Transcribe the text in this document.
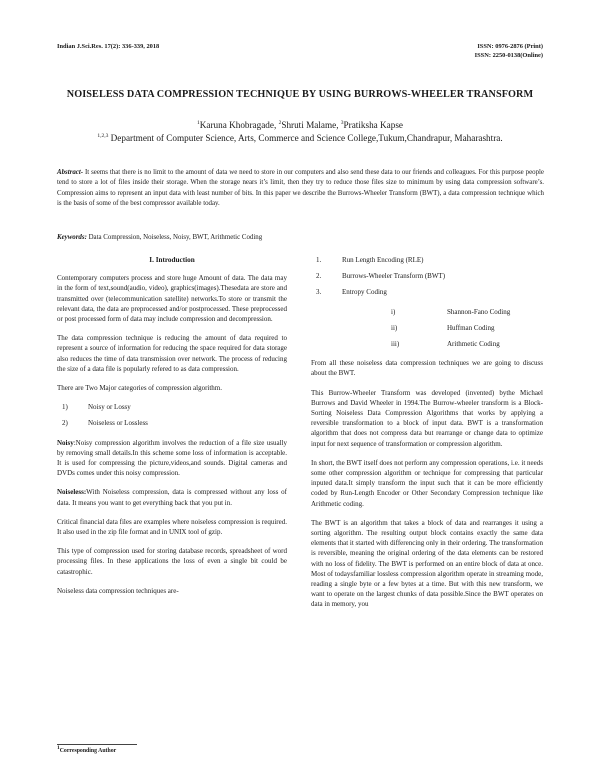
Indian J.Sci.Res. 17(2): 336-339, 2018	ISSN: 0976-2876 (Print)
ISSN: 2250-0138(Online)
NOISELESS DATA COMPRESSION TECHNIQUE BY USING BURROWS-WHEELER TRANSFORM
$^1$Karuna Khobragade, $^2$Shruti Malame, $^3$Pratiksha Kapse
$^{1,2,3}$ Department of Computer Science, Arts, Commerce and Science College,Tukum,Chandrapur, Maharashtra.
Abstract- It seems that there is no limit to the amount of data we need to store in our computers and also send these data to our friends and colleagues. For this purpose people tend to store a lot of files inside their storage. When the storage nears it’s limit, then they try to reduce those files size to minimum by using data compression software’s. Compression aims to represent an input data with least number of bits. In this paper we describe the Burrows-Wheeler Transform (BWT), a data compression technique which is the basis of some of the best compressor available today.
Keywords: Data Compression, Noiseless, Noisy, BWT, Arithmetic Coding
I. Introduction

Contemporary computers process and store huge Amount of data. The data may in the form of text,sound(audio, video), graphics(images).Thesedata are store and transmitted over (telecommunication satellite) networks.To store or transmit the relevant data, the data are preprocessed and/or postprocessed. These preprocessed or post processed form of data may include compression and decompression.

The data compression technique is reducing the amount of data required to represent a source of information for reducing the space required for data storage also reduces the time of data transmission over network. The process of reducing the size of a data file is popularly refered to as data compression.

There are Two Major categories of compression algorithm.

1)	Noisy or Lossy
2)	Noiseless or Lossless

Noisy:Noisy compression algorithm involves the reduction of a file size usually by removing small details.In this scheme some loss of information is acceptable. It is used for compressing the picture,videos,and sounds. Digital cameras and DVDs comes under this noisy compression.

Noiseless:With Noiseless compression, data is compressed without any loss of data. It means you want to get everything back that you put in.

Critical financial data files are examples where noiseless compression is required. It also used in the zip file format and in UNIX tool of gzip.

This type of compression used for storing database records, spreadsheet of word processing files. In these applications the loss of even a single bit could be catastrophic.

Noiseless data compression techniques are-

1.	Run Length Encoding (RLE)
2.	Burrows-Wheeler Transform (BWT)
3.	Entropy Coding
i)	Shannon-Fano Coding
ii)	Huffman Coding
iii)	Arithmetic Coding

From all these noiseless data compression techniques we are going to discuss about the BWT.

This Burrow-Wheeler Transform was developed (invented) bythe Michael Burrows and David Wheeler in 1994.The Burrow-wheeler transform is a Block-Sorting Noiseless Data Compression Algorithms that works by applying a reversible transformation to a block of input data. BWT is a transformation algorithm that does not compress data but rearrange or change data to optimize input for next sequence of transformation or compression algorithm.

In short, the BWT itself does not perform any compression operations, i.e. it needs some other compression algorithm or technique for compressing that particular inputed data.It simply transform the input such that it can be more efficiently coded by Run-Length Encoder or Other Secondary Compression technique like Arithmetic coding.

The BWT is an algorithm that takes a block of data and rearranges it using a sorting algorithm. The resulting output block contains exactly the same data elements that it started with differencing only in their ordering. The transformation is reversible, meaning the original ordering of the data elements can be restored with no loss of fidelity. The BWT is performed on an entire block of data at once. Most of todaysfamiliar lossless compression algorithm operate in streaming mode, reading a single byte or a few bytes at a time. But with this new transform, we want to operate on the largest chunks of data possible.Since the BWT operates on data in memory, you

$^1$Corresponding Author
